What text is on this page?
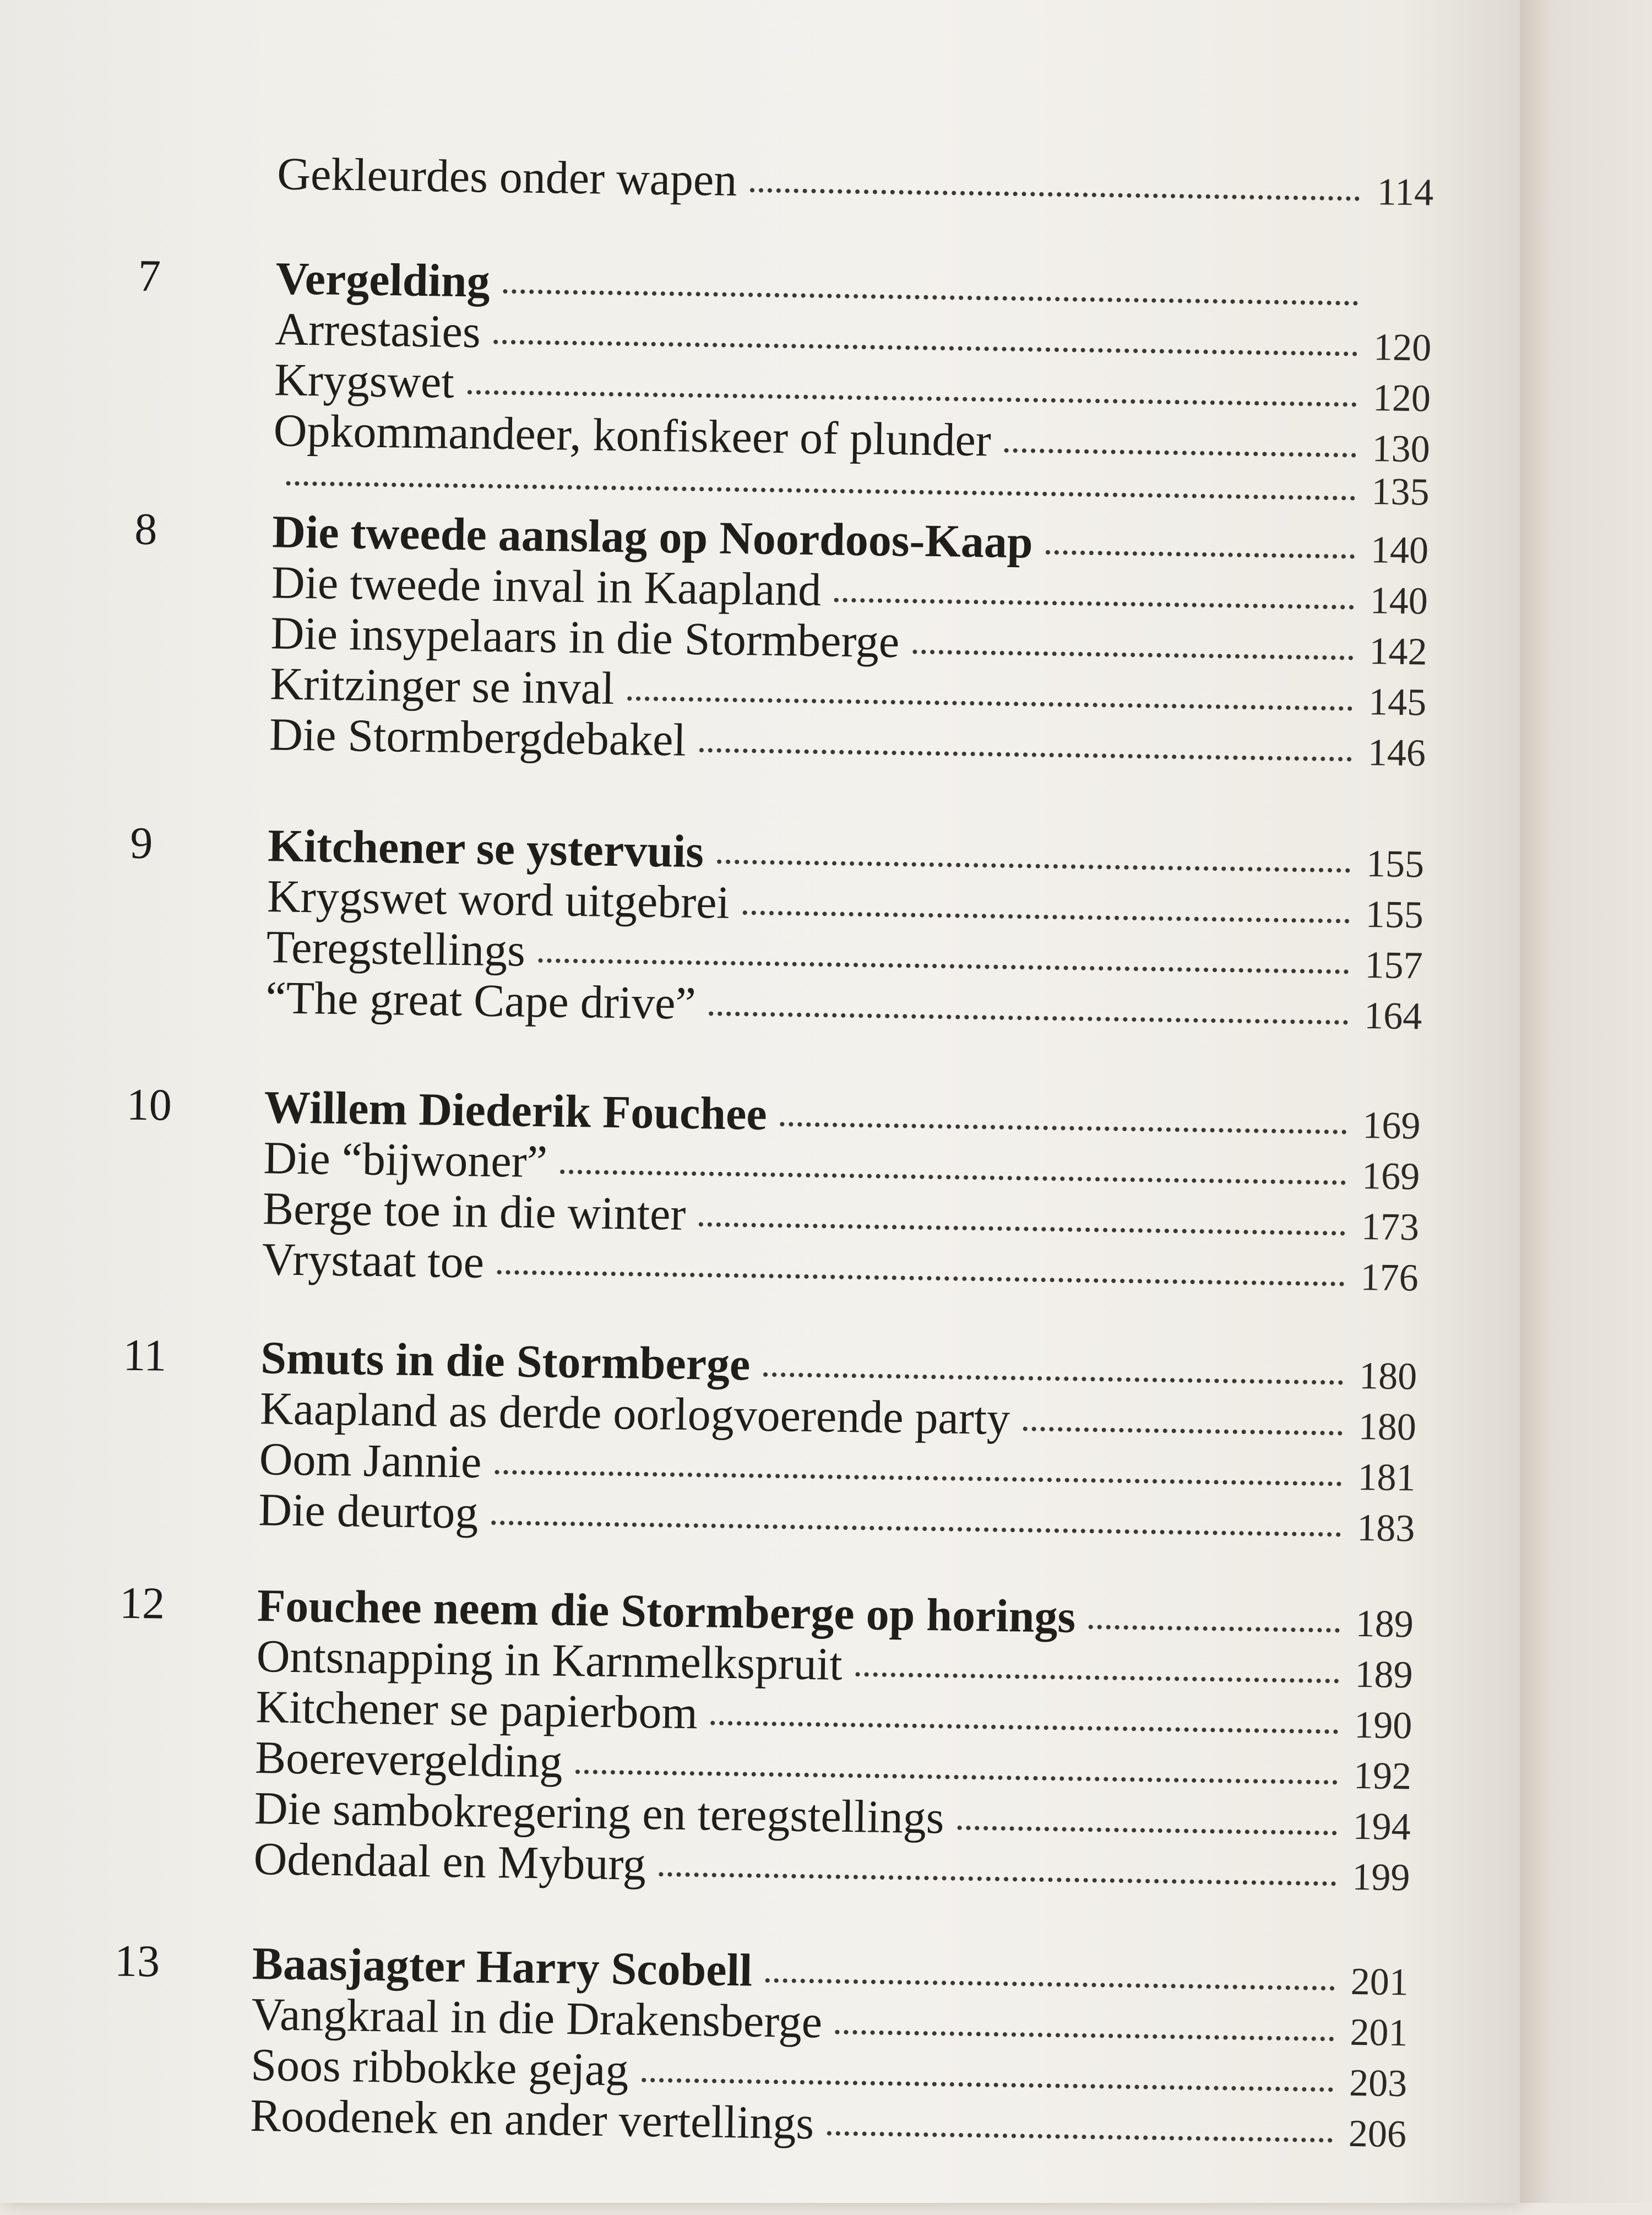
Gekleurdes onder wapen	114
7	Vergelding
Arrestasies	120
Krygswet	120
Opkommandeer, konfiskeer of plunder	130
135
8	Die tweede aanslag op Noordoos-Kaap	140
Die tweede inval in Kaapland	140
Die insypelaars in die Stormberge	142
Kritzinger se inval	145
Die Stormbergdebakel	146
9	Kitchener se ystervuis	155
Krygswet word uitgebrei	155
Teregstellings	157
“The great Cape drive”	164
10	Willem Diederik Fouchee	169
Die “bijwoner”	169
Berge toe in die winter	173
Vrystaat toe	176
11	Smuts in die Stormberge	180
Kaapland as derde oorlogvoerende party	180
Oom Jannie	181
Die deurtog	183
12	Fouchee neem die Stormberge op horings	189
Ontsnapping in Karnmelkspruit	189
Kitchener se papierbom	190
Boerevergelding	192
Die sambokregering en teregstellings	194
Odendaal en Myburg	199
13	Baasjagter Harry Scobell	201
Vangkraal in die Drakensberge	201
Soos ribbokke gejag	203
Roodenek en ander vertellings	206
